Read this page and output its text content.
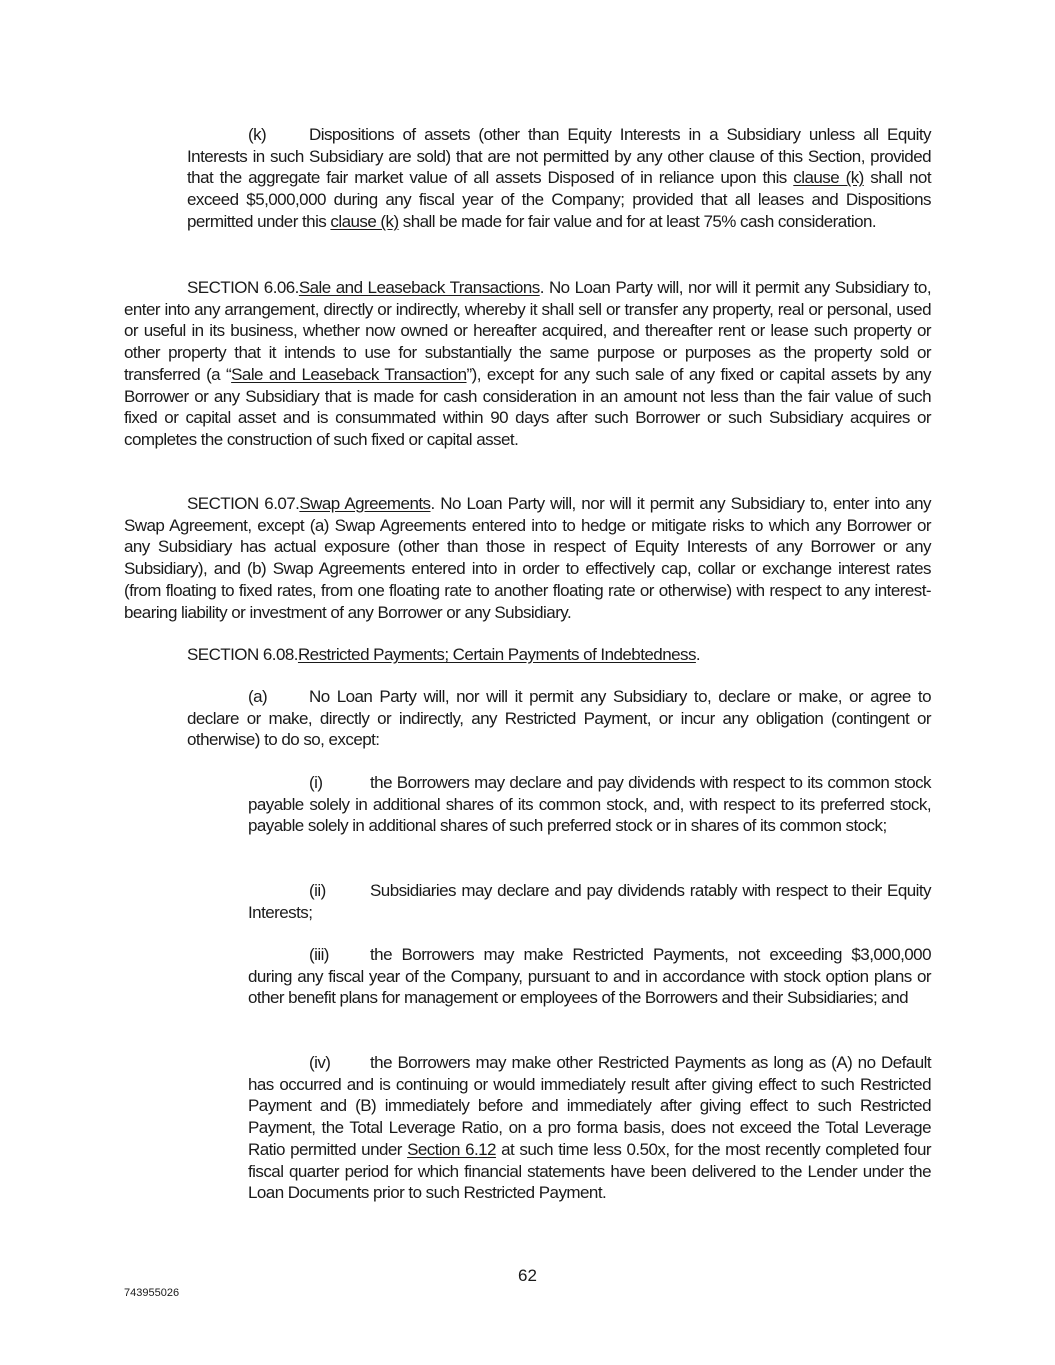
(k)	Dispositions of assets (other than Equity Interests in a Subsidiary unless all Equity Interests in such Subsidiary are sold) that are not permitted by any other clause of this Section, provided that the aggregate fair market value of all assets Disposed of in reliance upon this clause (k) shall not exceed $5,000,000 during any fiscal year of the Company; provided that all leases and Dispositions permitted under this clause (k) shall be made for fair value and for at least 75% cash consideration.
SECTION 6.06.Sale and Leaseback Transactions. No Loan Party will, nor will it permit any Subsidiary to, enter into any arrangement, directly or indirectly, whereby it shall sell or transfer any property, real or personal, used or useful in its business, whether now owned or hereafter acquired, and thereafter rent or lease such property or other property that it intends to use for substantially the same purpose or purposes as the property sold or transferred (a “Sale and Leaseback Transaction”), except for any such sale of any fixed or capital assets by any Borrower or any Subsidiary that is made for cash consideration in an amount not less than the fair value of such fixed or capital asset and is consummated within 90 days after such Borrower or such Subsidiary acquires or completes the construction of such fixed or capital asset.
SECTION 6.07.Swap Agreements. No Loan Party will, nor will it permit any Subsidiary to, enter into any Swap Agreement, except (a) Swap Agreements entered into to hedge or mitigate risks to which any Borrower or any Subsidiary has actual exposure (other than those in respect of Equity Interests of any Borrower or any Subsidiary), and (b) Swap Agreements entered into in order to effectively cap, collar or exchange interest rates (from floating to fixed rates, from one floating rate to another floating rate or otherwise) with respect to any interest-bearing liability or investment of any Borrower or any Subsidiary.
SECTION 6.08.Restricted Payments; Certain Payments of Indebtedness.
(a) No Loan Party will, nor will it permit any Subsidiary to, declare or make, or agree to declare or make, directly or indirectly, any Restricted Payment, or incur any obligation (contingent or otherwise) to do so, except:
(i)	the Borrowers may declare and pay dividends with respect to its common stock payable solely in additional shares of its common stock, and, with respect to its preferred stock, payable solely in additional shares of such preferred stock or in shares of its common stock;
(ii)	Subsidiaries may declare and pay dividends ratably with respect to their Equity Interests;
(iii) the Borrowers may make Restricted Payments, not exceeding $3,000,000 during any fiscal year of the Company, pursuant to and in accordance with stock option plans or other benefit plans for management or employees of the Borrowers and their Subsidiaries; and
(iv) the Borrowers may make other Restricted Payments as long as (A) no Default has occurred and is continuing or would immediately result after giving effect to such Restricted Payment and (B) immediately before and immediately after giving effect to such Restricted Payment, the Total Leverage Ratio, on a pro forma basis, does not exceed the Total Leverage Ratio permitted under Section 6.12 at such time less 0.50x, for the most recently completed four fiscal quarter period for which financial statements have been delivered to the Lender under the Loan Documents prior to such Restricted Payment.
62
743955026
